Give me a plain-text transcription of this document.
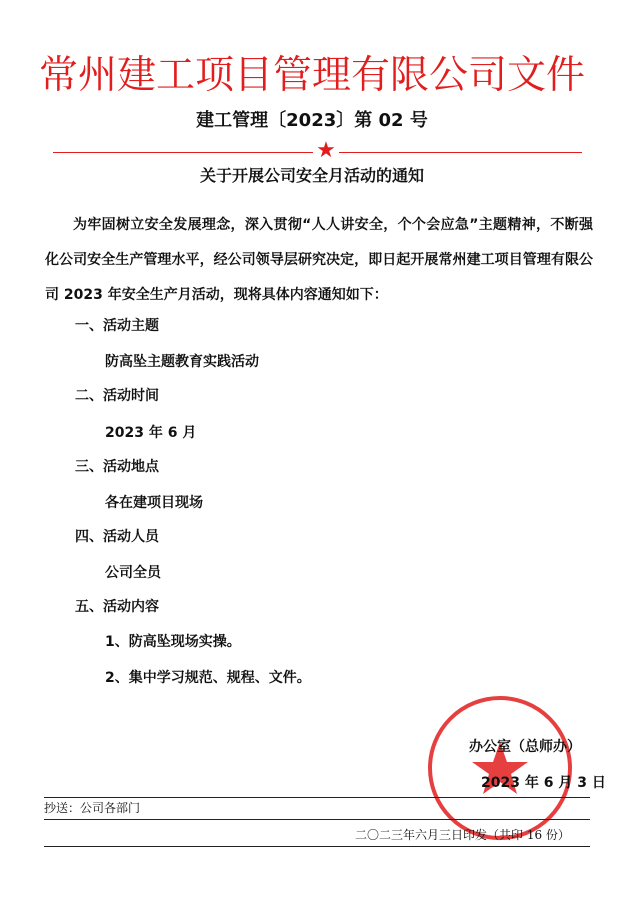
常州建工项目管理有限公司文件
建工管理〔2023〕第 02 号
★
关于开展公司安全月活动的通知
为牢固树立安全发展理念，深入贯彻“人人讲安全，个个会应急”主题精神，不断强化公司安全生产管理水平，经公司领导层研究决定，即日起开展常州建工项目管理有限公司 2023 年安全生产月活动，现将具体内容通知如下：
一、活动主题
防高坠主题教育实践活动
二、活动时间
2023 年 6 月
三、活动地点
各在建项目现场
四、活动人员
公司全员
五、活动内容
1、防高坠现场实操。
2、集中学习规范、规程、文件。
办公室（总师办）
2023 年 6 月 3 日
抄送：公司各部门
二〇二三年六月三日印发（共印 16 份）
